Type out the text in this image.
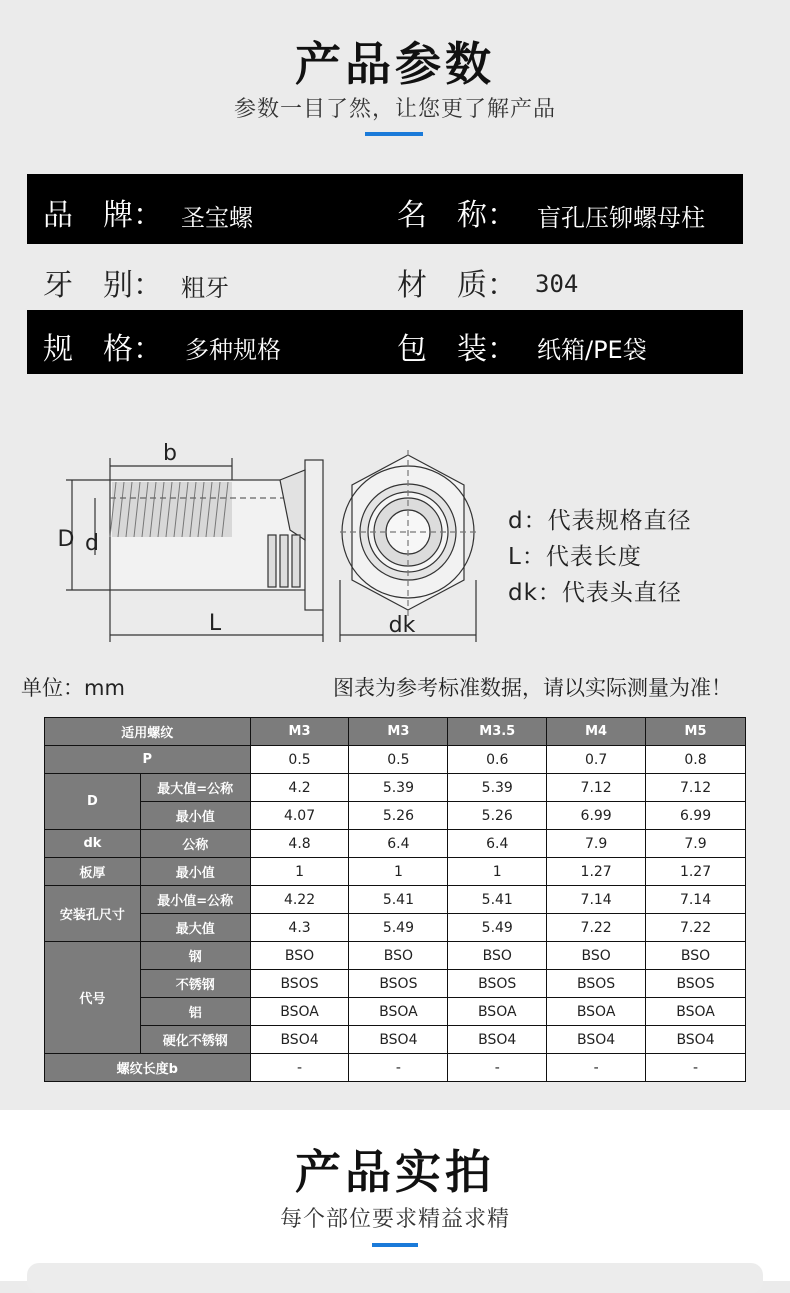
产品参数
参数一目了然，让您更了解产品
品　牌： 圣宝螺	名　称： 盲孔压铆螺母柱
牙　别： 粗牙	材　质： 304
规　格： 多种规格	包　装： 纸箱/PE袋
b
D d
L	dk
d：代表规格直径
L：代表长度
dk：代表头直径
单位：mm	图表为参考标准数据，请以实际测量为准！
适用螺纹		M3	M3	M3.5	M4	M5
P		0.5	0.5	0.6	0.7	0.8
D	最大值=公称	4.2	5.39	5.39	7.12	7.12
	最小值	4.07	5.26	5.26	6.99	6.99
dk	公称	4.8	6.4	6.4	7.9	7.9
板厚	最小值	1	1	1	1.27	1.27
安装孔尺寸	最小值=公称	4.22	5.41	5.41	7.14	7.14
	最大值	4.3	5.49	5.49	7.22	7.22
代号	钢	BSO	BSO	BSO	BSO	BSO
	不锈钢	BSOS	BSOS	BSOS	BSOS	BSOS
	铝	BSOA	BSOA	BSOA	BSOA	BSOA
	硬化不锈钢	BSO4	BSO4	BSO4	BSO4	BSO4
螺纹长度b		-	-	-	-	-
产品实拍
每个部位要求精益求精
